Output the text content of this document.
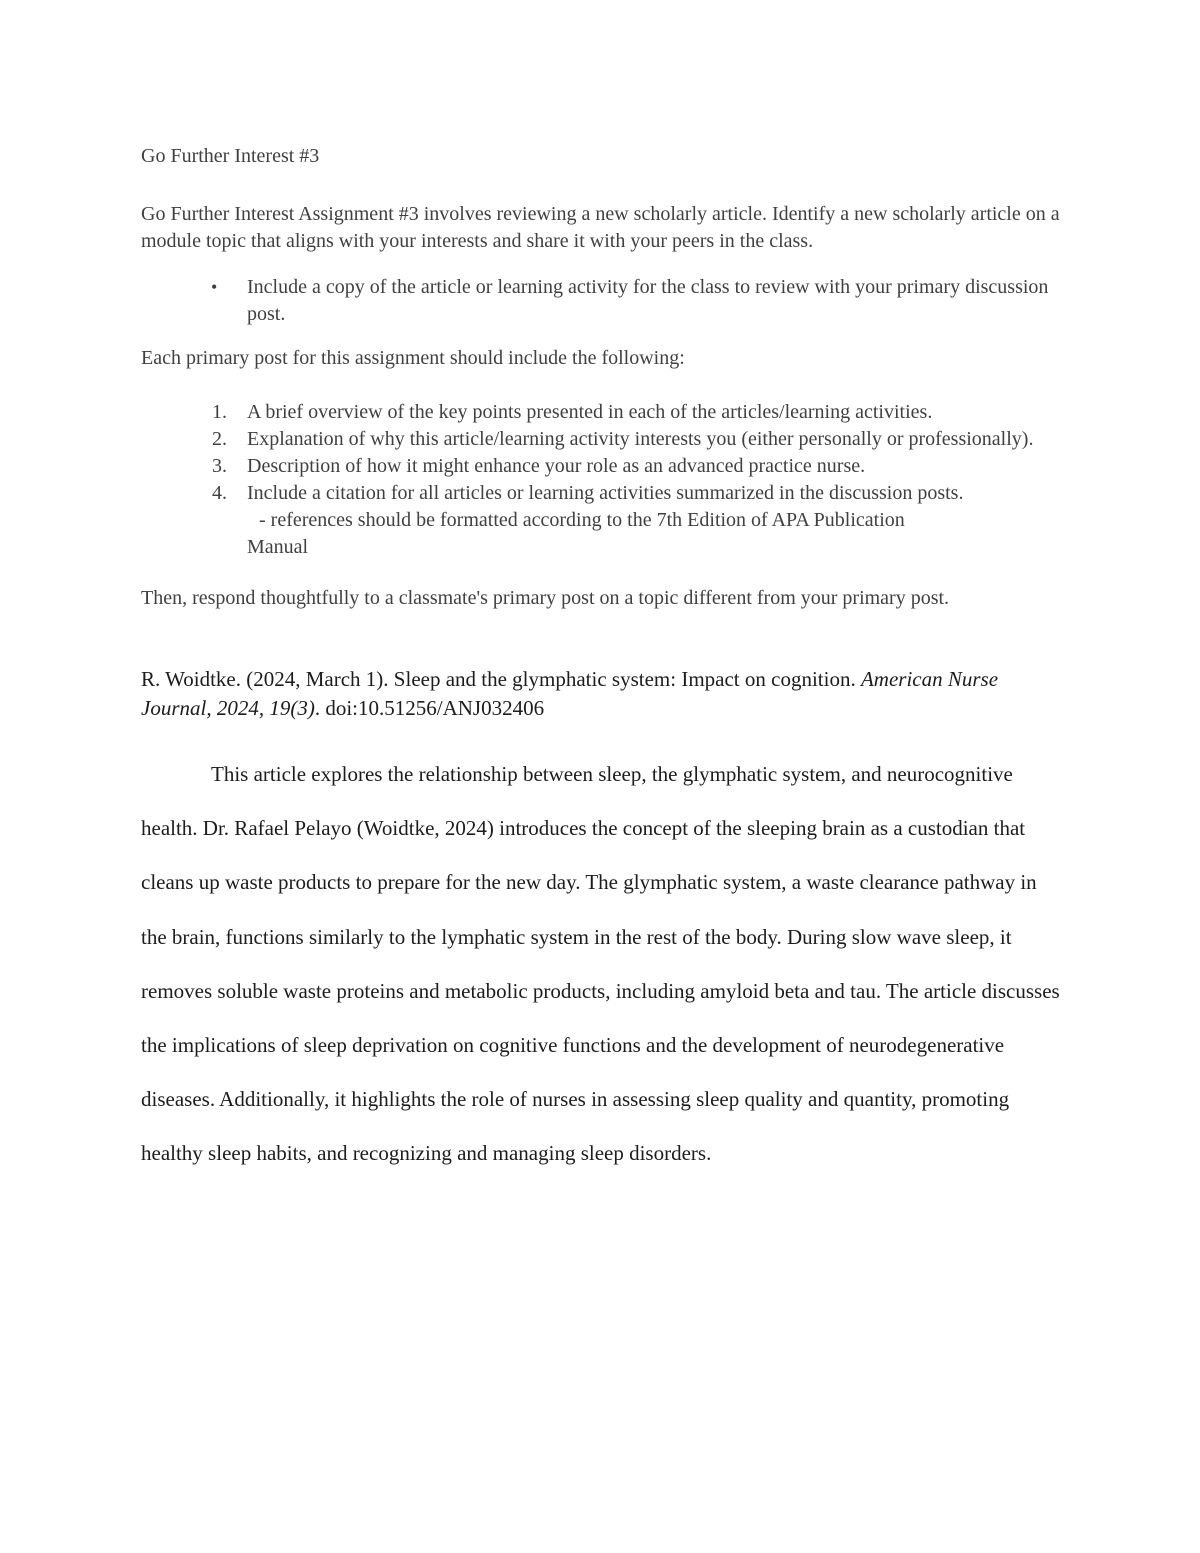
Go Further Interest #3

Go Further Interest Assignment #3 involves reviewing a new scholarly article. Identify a new scholarly article on a module topic that aligns with your interests and share it with your peers in the class.

• Include a copy of the article or learning activity for the class to review with your primary discussion post.

Each primary post for this assignment should include the following:

1. A brief overview of the key points presented in each of the articles/learning activities.
2. Explanation of why this article/learning activity interests you (either personally or professionally).
3. Description of how it might enhance your role as an advanced practice nurse.
4. Include a citation for all articles or learning activities summarized in the discussion posts.
- references should be formatted according to the 7th Edition of APA Publication
Manual

Then, respond thoughtfully to a classmate's primary post on a topic different from your primary post.

R. Woidtke. (2024, March 1). Sleep and the glymphatic system: Impact on cognition. American Nurse Journal, 2024, 19(3). doi:10.51256/ANJ032406

This article explores the relationship between sleep, the glymphatic system, and neurocognitive health. Dr. Rafael Pelayo (Woidtke, 2024) introduces the concept of the sleeping brain as a custodian that cleans up waste products to prepare for the new day. The glymphatic system, a waste clearance pathway in the brain, functions similarly to the lymphatic system in the rest of the body. During slow wave sleep, it removes soluble waste proteins and metabolic products, including amyloid beta and tau. The article discusses the implications of sleep deprivation on cognitive functions and the development of neurodegenerative diseases. Additionally, it highlights the role of nurses in assessing sleep quality and quantity, promoting healthy sleep habits, and recognizing and managing sleep disorders.
